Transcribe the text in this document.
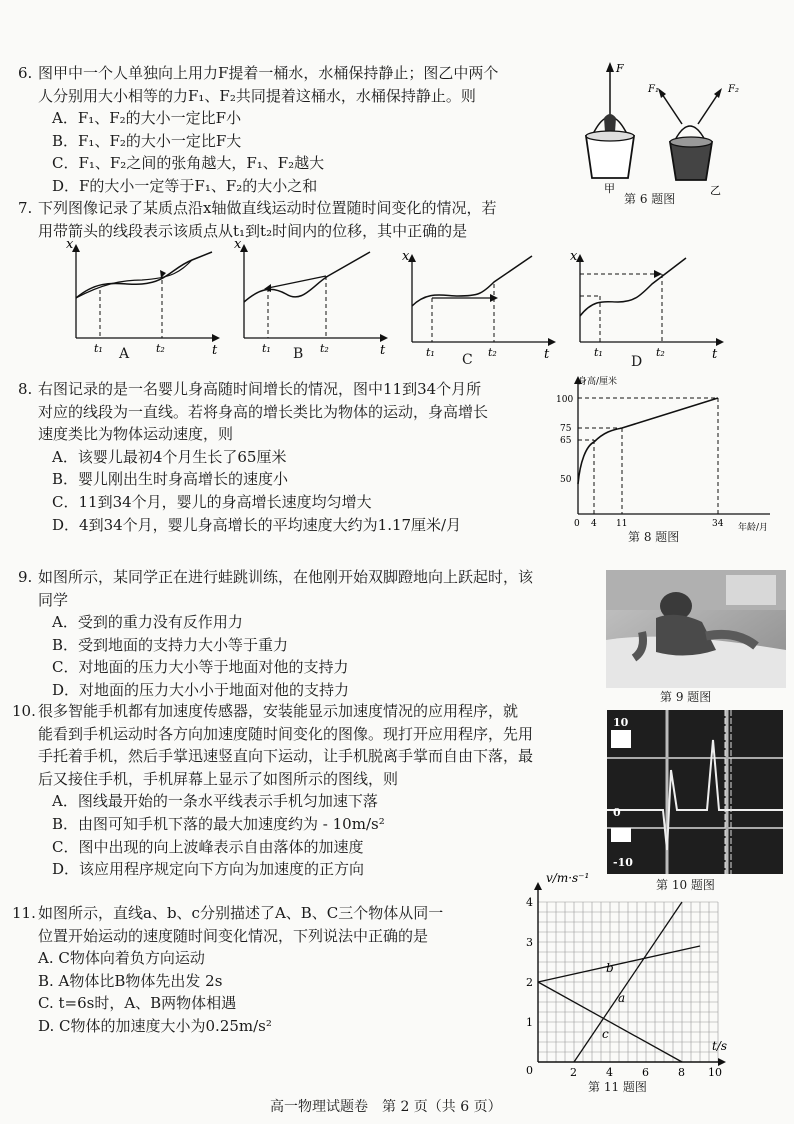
6. 图甲中一个人单独向上用力F提着一桶水，水桶保持静止；图乙中两个
人分别用大小相等的力F₁、F₂共同提着这桶水，水桶保持静止。则
A．F₁、F₂的大小一定比F小
B．F₁、F₂的大小一定比F大
C．F₁、F₂之间的张角越大，F₁、F₂越大
D．F的大小一定等于F₁、F₂的大小之和
F
甲
F₁	F₂
乙
第 6 题图
7. 下列图像记录了某质点沿x轴做直线运动时位置随时间变化的情况，若
用带箭头的线段表示该质点从t₁到t₂时间内的位移，其中正确的是
x
t
t₁	t₂
A
x
t
t₁	t₂
B
x
t
t₁	t₂
C
x
t
t₁	t₂
D
8. 右图记录的是一名婴儿身高随时间增长的情况，图中11到34个月所
对应的线段为一直线。若将身高的增长类比为物体的运动，身高增长
速度类比为物体运动速度，则
A．该婴儿最初4个月生长了65厘米
B．婴儿刚出生时身高增长的速度小
C．11到34个月，婴儿的身高增长速度均匀增大
D．4到34个月，婴儿身高增长的平均速度大约为1.17厘米/月
身高/厘米
100
75
65
50
0 4 11	34 年龄/月
第 8 题图
9. 如图所示，某同学正在进行蛙跳训练，在他刚开始双脚蹬地向上跃起时，该
同学
A．受到的重力没有反作用力
B．受到地面的支持力大小等于重力
C．对地面的压力大小等于地面对他的支持力
D．对地面的压力大小小于地面对他的支持力	第 9 题图
10. 很多智能手机都有加速度传感器，安装能显示加速度情况的应用程序，就
能看到手机运动时各方向加速度随时间变化的图像。现打开应用程序，先用
手托着手机，然后手掌迅速竖直向下运动，让手机脱离手掌而自由下落，最
后又接住手机，手机屏幕上显示了如图所示的图线，则
A．图线最开始的一条水平线表示手机匀加速下落
B．由图可知手机下落的最大加速度约为 - 10m/s²
C．图中出现的向上波峰表示自由落体的加速度
D．该应用程序规定向下方向为加速度的正方向
10
0
-10
第 10 题图
11. 如图所示，直线a、b、c分别描述了A、B、C三个物体从同一
位置开始运动的速度随时间变化情况，下列说法中正确的是
A. C物体向着负方向运动
B. A物体比B物体先出发 2s
C. t=6s时，A、B两物体相遇
D. C物体的加速度大小为0.25m/s²
v/m·s⁻¹
t/s
4
3
2
1
0	2	4	6	8 10
a
b
c
第 11 题图
高一物理试题卷　第 2 页（共 6 页）
